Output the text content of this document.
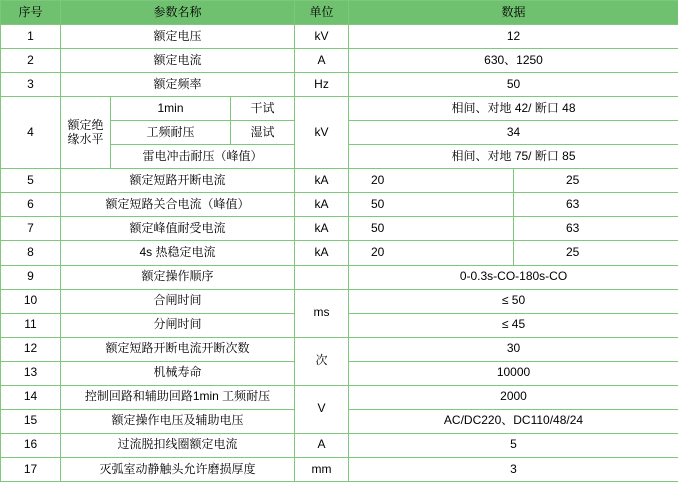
序号	参数名称			单位	数据	
1	额定电压			kV	12	
2	额定电流			A	630、1250	
3	额定频率			Hz	50	
4	额定绝缘水平	1min	干试	kV	相间、对地 42/ 断口 48	
		工频耐压	湿试		34	
		雷电冲击耐压（峰值）			相间、对地 75/ 断口 85	
5	额定短路开断电流			kA	20	25
6	额定短路关合电流（峰值）			kA	50	63
7	额定峰值耐受电流			kA	50	63
8	4s 热稳定电流			kA	20	25
9	额定操作顺序				0-0.3s-CO-180s-CO	
10	合闸时间			ms	≤ 50	
11	分闸时间				≤ 45	
12	额定短路开断电流开断次数			次	30	
13	机械寿命				10000	
14	控制回路和辅助回路1min 工频耐压			V	2000	
15	额定操作电压及辅助电压				AC/DC220、DC110/48/24	
16	过流脱扣线圈额定电流			A	5	
17	灭弧室动静触头允许磨损厚度			mm	3	
